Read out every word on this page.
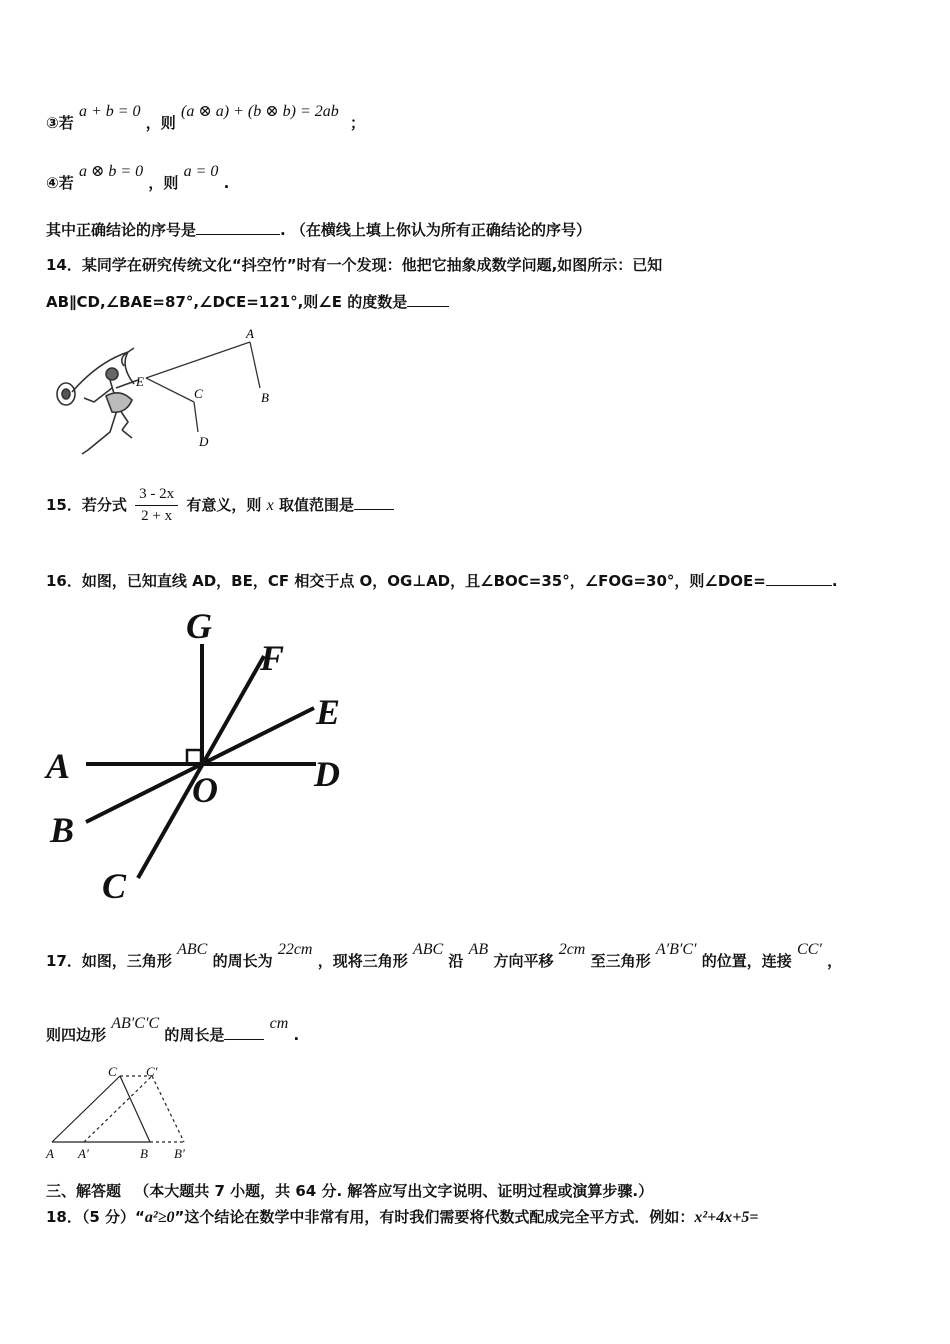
③若 a + b = 0 ，则 (a ⊗ a) + (b ⊗ b) = 2ab ；
④若 a ⊗ b = 0 ，则 a = 0 .
其中正确结论的序号是	. （在横线上填上你认为所有正确结论的序号）
14．某同学在研究传统文化“抖空竹”时有一个发现：他把它抽象成数学问题,如图所示：已知
AB∥CD,∠BAE=87°,∠DCE=121°,则∠E 的度数是
E
A
B
C
D
15．若分式 $\frac{3 - 2x}{2 + x}$ 有意义，则 x 取值范围是
16．如图，已知直线 AD，BE，CF 相交于点 O，OG⊥AD，且∠BOC=35°，∠FOG=30°，则∠DOE=	.
G
F
E
A	D
O
B
C
17．如图，三角形 ABC 的周长为 22cm ，现将三角形 ABC 沿 AB 方向平移 2cm 至三角形 A′B′C′ 的位置，连接 CC′ ，
则四边形 AB′C′C 的周长是 cm .
A A′	B B′
C C′
三、解答题 （本大题共 7 小题，共 64 分. 解答应写出文字说明、证明过程或演算步骤.）
18．（5 分）“a²≥0”这个结论在数学中非常有用，有时我们需要将代数式配成完全平方式．例如：x²+4x+5=
